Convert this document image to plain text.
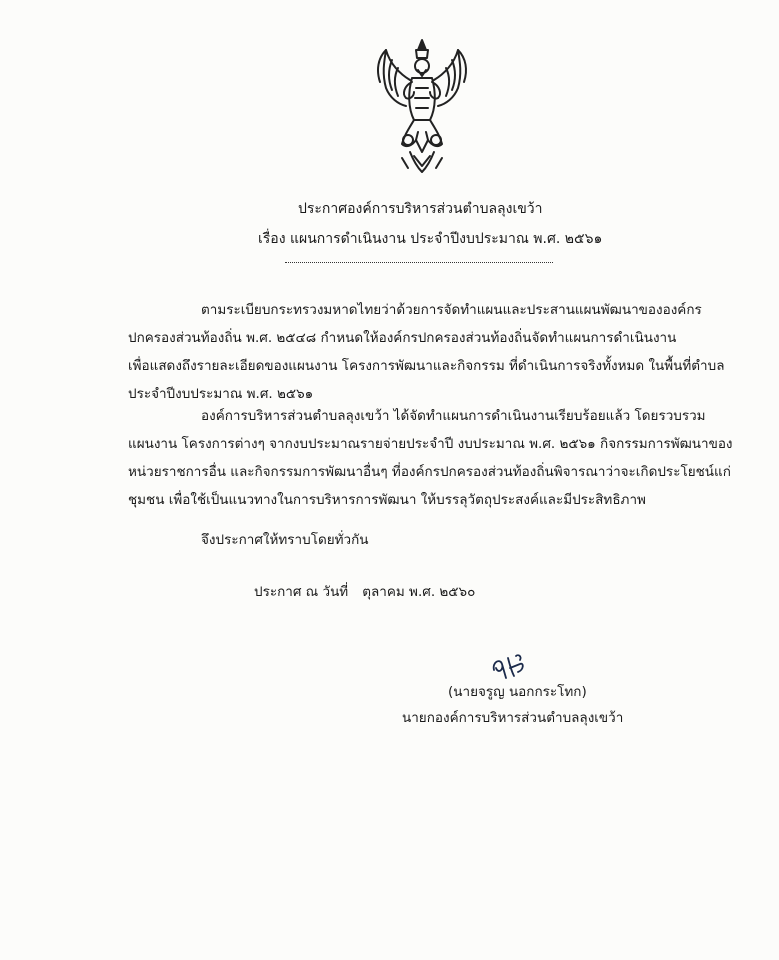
ประกาศองค์การบริหารส่วนตำบลลุงเขว้า
เรื่อง แผนการดำเนินงาน ประจำปีงบประมาณ พ.ศ. ๒๕๖๑
ตามระเบียบกระทรวงมหาดไทยว่าด้วยการจัดทำแผนและประสานแผนพัฒนาขององค์กร
ปกครองส่วนท้องถิ่น พ.ศ. ๒๕๔๘ กำหนดให้องค์กรปกครองส่วนท้องถิ่นจัดทำแผนการดำเนินงาน
เพื่อแสดงถึงรายละเอียดของแผนงาน โครงการพัฒนาและกิจกรรม ที่ดำเนินการจริงทั้งหมด ในพื้นที่ตำบล
ประจำปีงบประมาณ พ.ศ. ๒๕๖๑
องค์การบริหารส่วนตำบลลุงเขว้า ได้จัดทำแผนการดำเนินงานเรียบร้อยแล้ว โดยรวบรวม
แผนงาน โครงการต่างๆ จากงบประมาณรายจ่ายประจำปี งบประมาณ พ.ศ. ๒๕๖๑ กิจกรรมการพัฒนาของ
หน่วยราชการอื่น และกิจกรรมการพัฒนาอื่นๆ ที่องค์กรปกครองส่วนท้องถิ่นพิจารณาว่าจะเกิดประโยชน์แก่
ชุมชน เพื่อใช้เป็นแนวทางในการบริหารการพัฒนา ให้บรรลุวัตถุประสงค์และมีประสิทธิภาพ
จึงประกาศให้ทราบโดยทั่วกัน
ประกาศ ณ วันที่ ตุลาคม พ.ศ. ๒๕๖๐
(นายจรูญ นอกกระโทก)
นายกองค์การบริหารส่วนตำบลลุงเขว้า
